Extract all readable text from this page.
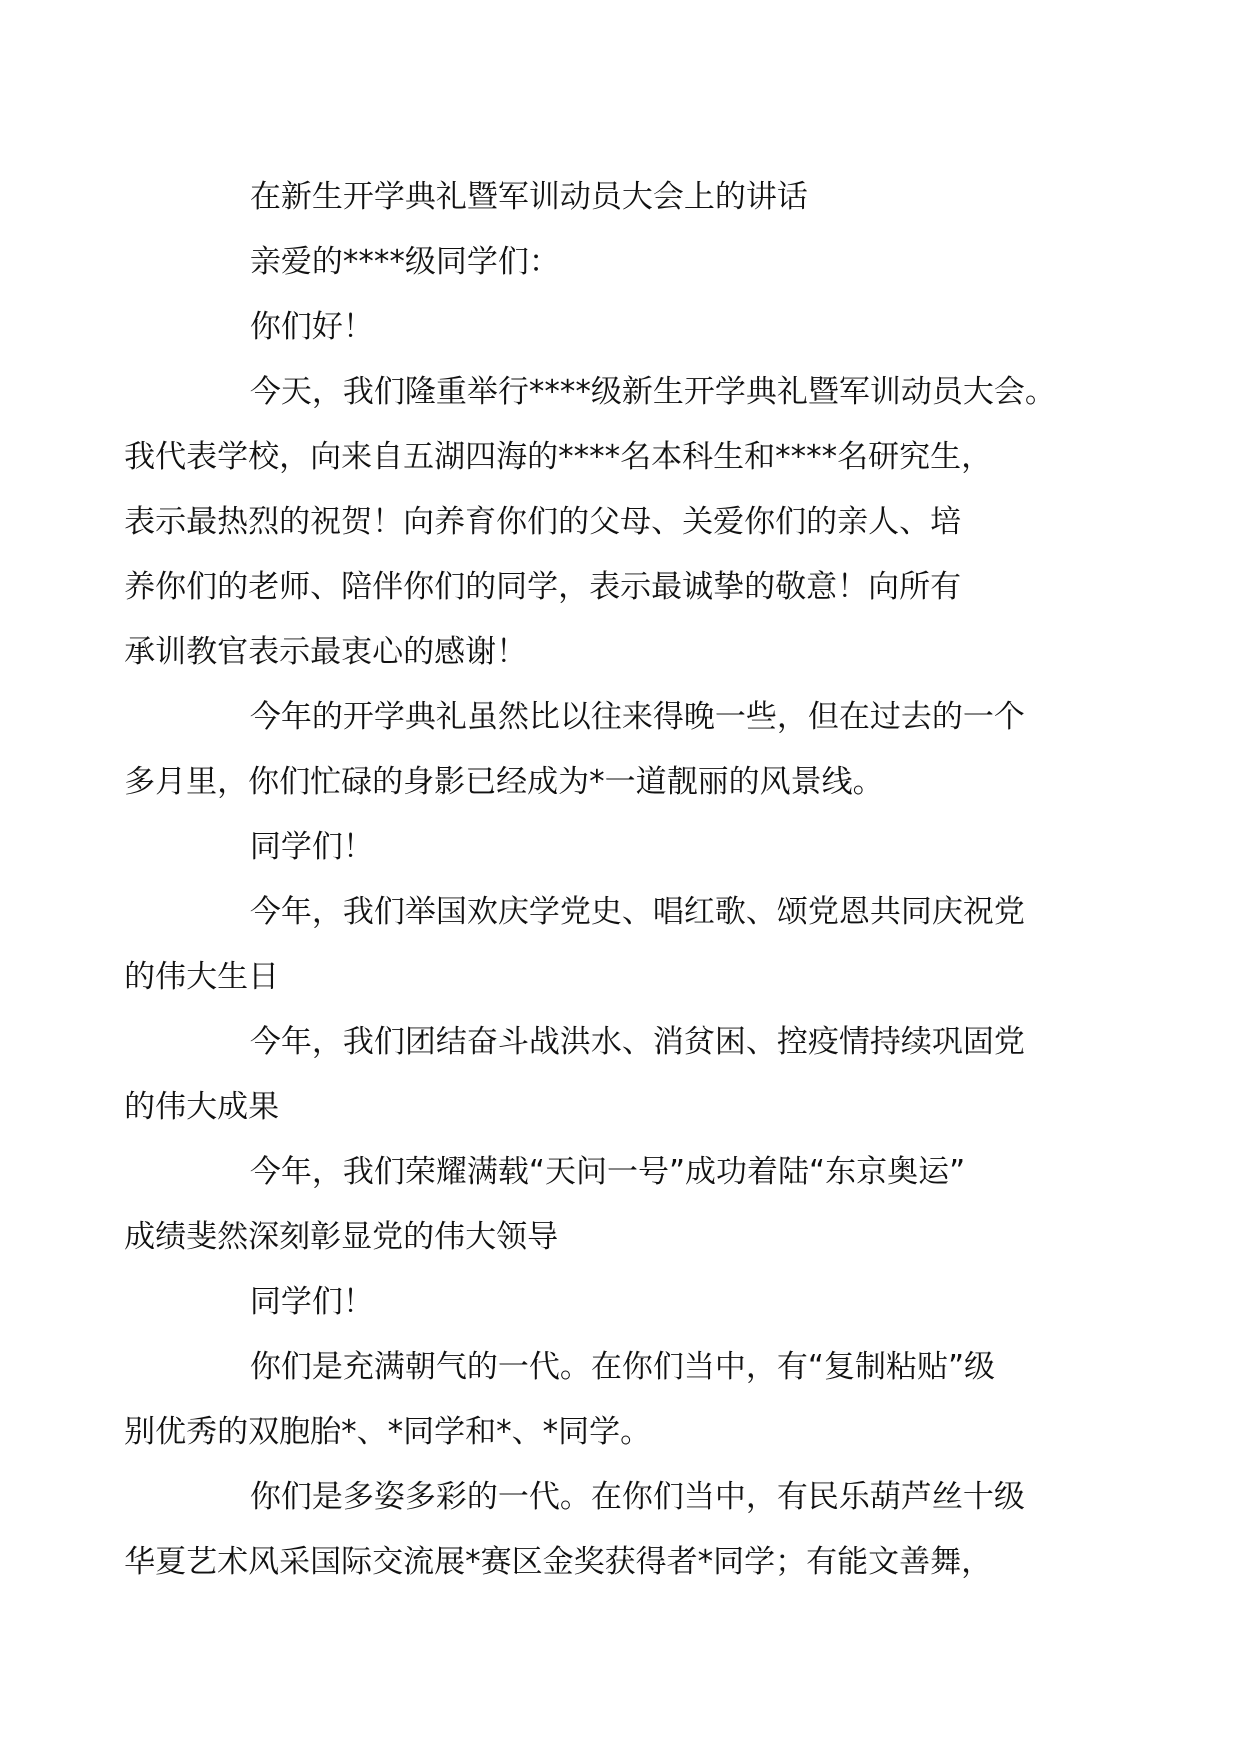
在新生开学典礼暨军训动员大会上的讲话

亲爱的****级同学们：

你们好！

今天，我们隆重举行****级新生开学典礼暨军训动员大会。
我代表学校，向来自五湖四海的****名本科生和****名研究生，
表示最热烈的祝贺！向养育你们的父母、关爱你们的亲人、培
养你们的老师、陪伴你们的同学，表示最诚挚的敬意！向所有
承训教官表示最衷心的感谢！

今年的开学典礼虽然比以往来得晚一些，但在过去的一个
多月里，你们忙碌的身影已经成为*一道靓丽的风景线。

同学们！

今年，我们举国欢庆学党史、唱红歌、颂党恩共同庆祝党
的伟大生日

今年，我们团结奋斗战洪水、消贫困、控疫情持续巩固党
的伟大成果

今年，我们荣耀满载“天问一号”成功着陆“东京奥运”
成绩斐然深刻彰显党的伟大领导

同学们！

你们是充满朝气的一代。在你们当中，有“复制粘贴”级
别优秀的双胞胎*、*同学和*、*同学。

你们是多姿多彩的一代。在你们当中，有民乐葫芦丝十级
华夏艺术风采国际交流展*赛区金奖获得者*同学；有能文善舞，
